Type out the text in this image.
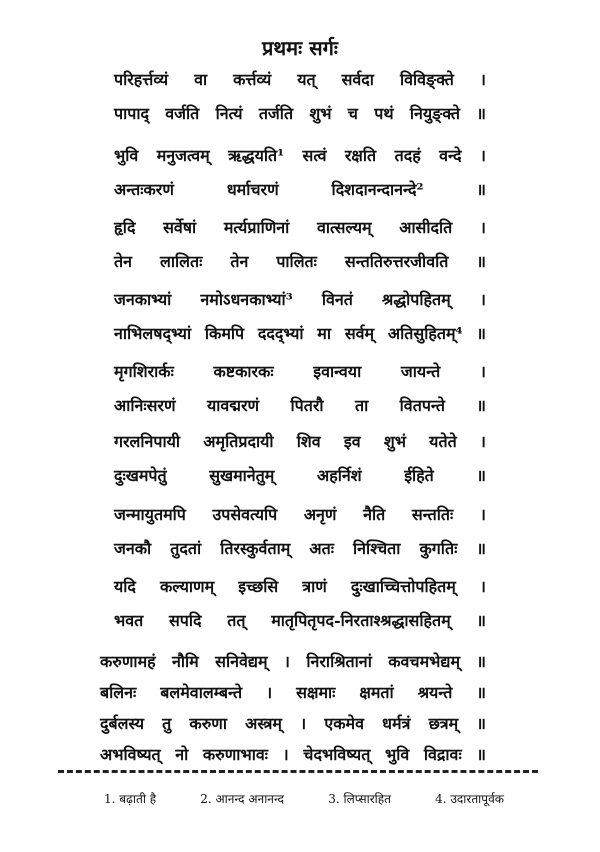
प्रथमः सर्गः
परिहर्त्तव्यं वा कर्त्तव्यं यत् सर्वदा विविङ्क्ते ।
पापाद् वर्जति नित्यं तर्जति शुभं च पथं नियुङ्क्ते ॥
भुवि मनुजत्वम् ऋद्धयति¹ सत्वं रक्षति तदहं वन्दे ।
अन्तःकरणं	धर्माचरणं	दिशदानन्दानन्दे²	॥
हृदि सर्वेषां मर्त्यप्राणिनां वात्सल्यम् आसीदति ।
तेन लालितः तेन पालितः सन्ततिरुत्तरजीवति ॥
जनकाभ्यां नमोऽधनकाभ्यां³ विनतं श्रद्धोपहितम् ।
नाभिलषद्भ्यां किमपि ददद्भ्यां मा सर्वम् अतिसुहितम्⁴ ॥
मृगशिरार्कः कष्टकारकः इवान्वया जायन्ते ।
आनिःसरणं यावद्मरणं पितरौ ता वितपन्ते ॥
गरलनिपायी अमृतिप्रदायी शिव इव शुभं यतेते ।
दुःखमपेतुं	सुखमानेतुम्	अहर्निशं	ईहिते	॥
जन्मायुतमपि उपसेवत्यपि अनृणं नैति सन्ततिः ।
जनकौ तुदतां तिरस्कुर्वताम् अतः निश्चिता कुगतिः ॥
यदि कल्याणम् इच्छसि त्राणं दुःखाच्चित्तोपहितम् ।
भवत सपदि तत् मातृपितृपद-निरताश्श्रद्धासहितम् ॥
करुणामहं नौमि सनिवेद्यम् । निराश्रितानां कवचमभेद्यम् ॥
बलिनः बलमेवालम्बन्ते । सक्षमाः क्षमतां श्रयन्ते ॥
दुर्बलस्य तु करुणा अस्त्रम् । एकमेव धर्मत्रं छत्रम् ॥
अभविष्यत् नो करुणाभावः । चेदभविष्यत् भुवि विद्रावः ॥
1. बढ़ाती है	2. आनन्द अनानन्द	3. लिप्सारहित	4. उदारतापूर्वक
